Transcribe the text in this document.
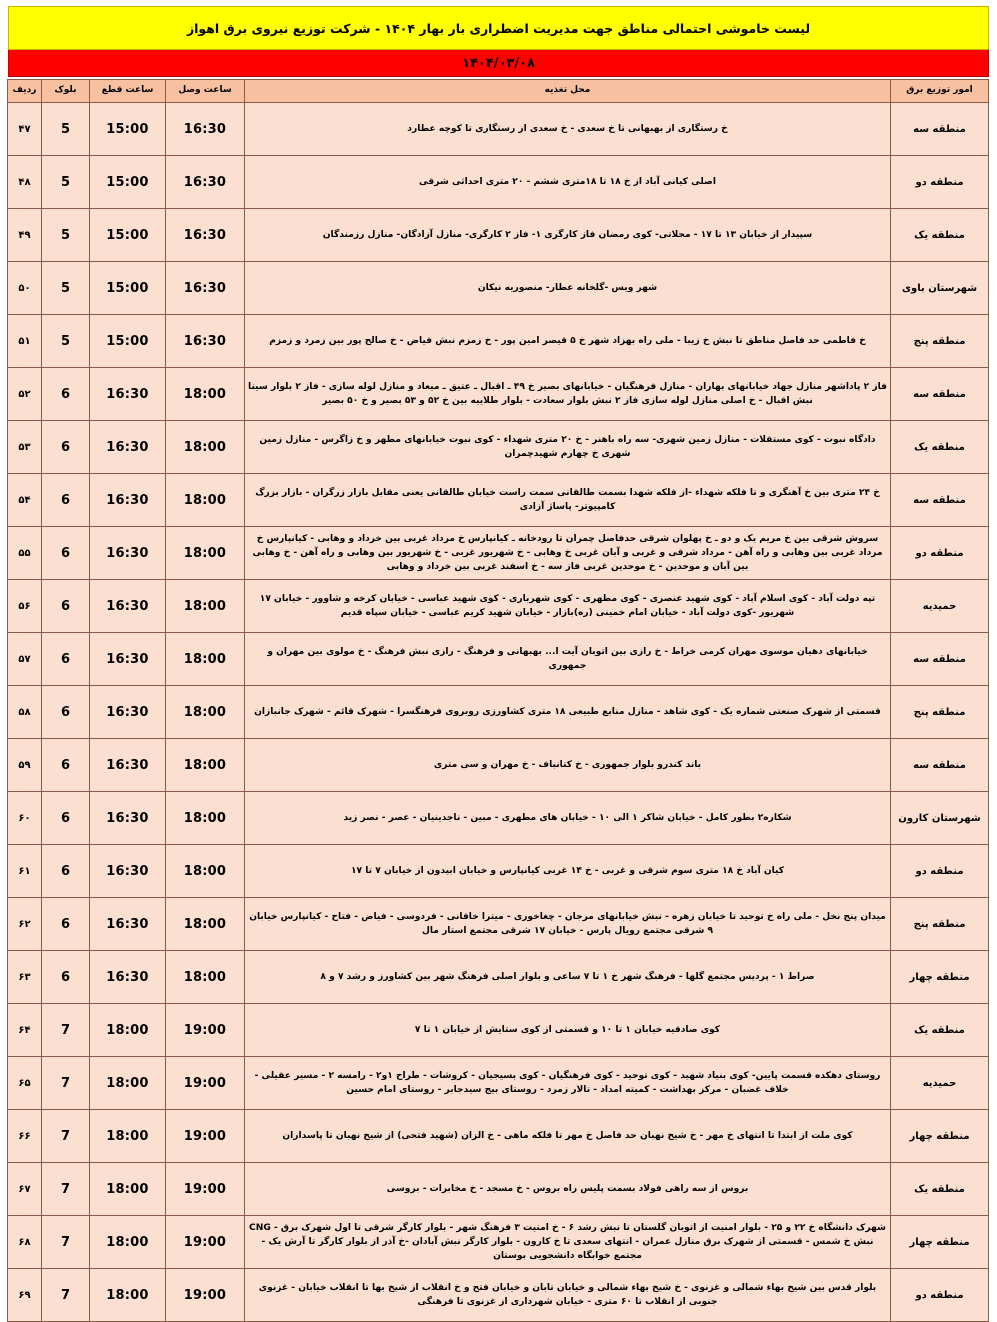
لیست خاموشی احتمالی مناطق جهت مدیریت اضطراری بار بهار ۱۴۰۴ - شرکت توزیع نیروی برق اهواز
۱۴۰۴/۰۳/۰۸
امور توزیع برق	محل تغذیه	ساعت وصل	ساعت قطع	بلوک	ردیف
منطقه سه	خ رستگاری از بهبهانی تا خ سعدی - خ سعدی از رستگاری تا کوچه عطارد	16:30	15:00	5	۴۷
منطقه دو	اصلی کیانی آباد از خ ۱۸ تا ۱۸متری ششم - ۲۰ متری احداثی شرقی	16:30	15:00	5	۴۸
منطقه یک	سپیدار از خیابان ۱۳ تا ۱۷ - محلاتی- کوی رمضان فاز کارگری ۱- فاز ۲ کارگری- منازل آزادگان- منازل رزمندگان	16:30	15:00	5	۴۹
شهرستان باوی	شهر ویس -گلخانه عطار- منصوریه نیکان	16:30	15:00	5	۵۰
منطقه پنج	خ فاطمی حد فاصل مناطق تا نبش خ زیبا - ملی راه بهزاد شهر خ ۵ قیصر امین پور - خ زمزم نبش فیاض - خ صالح پور بین زمرد و زمزم	16:30	15:00	5	۵۱
منطقه سه	فاز ۲ پاداشهر منازل جهاد خیابانهای بهاران - منازل فرهنگیان - خیابانهای بصیر خ ۴۹ ـ اقبال ـ عتیق ـ میعاد و منازل لوله سازی - فاز ۲ بلوار سینا نبش اقبال - خ اصلی منازل لوله سازی فاز ۲ نبش بلوار سعادت - بلوار طلاییه بین خ ۵۲ و ۵۳ بصیر و خ ۵۰ بصیر	18:00	16:30	6	۵۲
منطقه یک	دادگاه نبوت - کوی مستقلات - منازل زمین شهری- سه راه باهنر - خ ۲۰ متری شهداء - کوی نبوت خیابانهای مطهر و خ زاگرس - منازل زمین شهری خ چهارم شهیدچمران	18:00	16:30	6	۵۳
منطقه سه	خ ۲۴ متری بین خ آهنگری و تا فلکه شهداء -از فلکه شهدا بسمت طالقانی سمت راست خیابان طالقانی یعنی مقابل بازار زرگران - بازار بزرگ کامپیوتر- پاساژ آزادی	18:00	16:30	6	۵۴
منطقه دو	سروش شرقی بین خ مریم یک و دو ـ خ پهلوان شرقی حدفاصل چمران تا رودخانه ـ کیانپارس خ مرداد غربی بین خرداد و وهابی - کیانپارس خ مرداد غربی بین وهابی و راه آهن - مرداد شرقی و غربی و آبان غربی خ وهابی - خ شهریور غربی - خ شهریور بین وهابی و راه آهن - خ وهابی بین آبان و موحدین - خ موحدین غربی فاز سه - خ اسفند غربی بین خرداد و وهابی	18:00	16:30	6	۵۵
حمیدیه	تپه دولت آباد - کوی اسلام آباد - کوی شهید عنصری - کوی مطهری - کوی شهرباری - کوی شهید عباسی - خیابان کرخه و شاوور - خیابان ۱۷ شهریور -کوی دولت آباد - خیابان امام خمینی (ره)بازار - خیابان شهید کریم عباسی - خیابان سپاه قدیم	18:00	16:30	6	۵۶
منطقه سه	خیابانهای دهیان موسوی مهران کرمی خراط - خ رازی بین اتوبان آیت ا... بهبهانی و فرهنگ - رازی نبش فرهنگ - خ مولوی بین مهران و جمهوری	18:00	16:30	6	۵۷
منطقه پنج	قسمتی از شهرک صنعتی شماره یک - کوی شاهد - منازل منابع طبیعی ۱۸ متری کشاورزی روبروی فرهنگسرا - شهرک قائم - شهرک جانبازان	18:00	16:30	6	۵۸
منطقه سه	باند کندرو بلوار جمهوری - خ کتانباف - خ مهران و سی متری	18:00	16:30	6	۵۹
شهرستان کارون	شکاره۲ بطور کامل - خیابان شاکر ۱ الی ۱۰ - خیابان های مطهری - مبین - ناجدینیان - عصر - نصر زید	18:00	16:30	6	۶۰
منطقه دو	کیان آباد خ ۱۸ متری سوم شرقی و غربی - خ ۱۴ غربی کیانپارس و خیابان ابیدون از خیابان ۷ تا ۱۷	18:00	16:30	6	۶۱
منطقه پنج	میدان پنج نخل - ملی راه خ توحید تا خیابان زهره - نبش خیابانهای مرجان - چغاخوری - میترا خاقانی - فردوسی - فیاض - فتاح - کیانپارس خیابان ۹ شرقی مجتمع رویال پارس - خیابان ۱۷ شرقی مجتمع استار مال	18:00	16:30	6	۶۲
منطقه چهار	صراط ۱ - پردیس مجتمع گلها - فرهنگ شهر خ ۱ تا ۷ ساعی و بلوار اصلی فرهنگ شهر بین کشاورز و رشد ۷ و ۸	18:00	16:30	6	۶۳
منطقه یک	کوی صادقیه خیابان ۱ تا ۱۰ و قسمتی از کوی ستایش از خیابان ۱ تا ۷	19:00	18:00	7	۶۴
حمیدیه	روستای دهکده قسمت پایین- کوی بنیاد شهید - کوی توحید - کوی فرهنگیان - کوی بسیجیان - کروشات - طراح ۱و۲ - رامسه ۲ - مسیر عقیلی - خلاف غضبان - مرکز بهداشت - کمیته امداد - تالار زمرد - روستای بیج سیدجابر - روستای امام حسین	19:00	18:00	7	۶۵
منطقه چهار	کوی ملت از ابتدا تا انتهای خ مهر - خ شیخ نهبان حد فاصل خ مهر تا فلکه ماهی - خ الزان (شهید فتحی) از شیخ نهبان تا پاسداران	19:00	18:00	7	۶۶
منطقه یک	بروس از سه راهی فولاد بسمت پلیس راه بروس - خ مسجد - خ مخابرات - بروسی	19:00	18:00	7	۶۷
منطقه چهار	شهرک دانشگاه خ ۲۲ و ۲۵ - بلوار امنیت از اتوبان گلستان تا نبش رشد ۶ - خ امنیت ۳ فرهنگ شهر - بلوار کارگر شرقی تا اول شهرک برق - CNG نبش خ شمس - قسمتی از شهرک برق منازل عمران - انتهای سعدی تا خ کارون - بلوار کارگر نبش آبادان -خ آذر از بلوار کارگر تا آرش یک - مجتمع خوابگاه دانشجویی بوستان	19:00	18:00	7	۶۸
منطقه دو	بلوار قدس بین شیخ بهاء شمالی و غزنوی - خ شیخ بهاء شمالی و خیابان تابان و خیابان فتح و خ انقلاب از شیخ بها تا انقلاب خیابان - غزنوی جنوبی از انقلاب تا ۶۰ متری - خیابان شهرداری از غزنوی تا فرهنگی	19:00	18:00	7	۶۹
